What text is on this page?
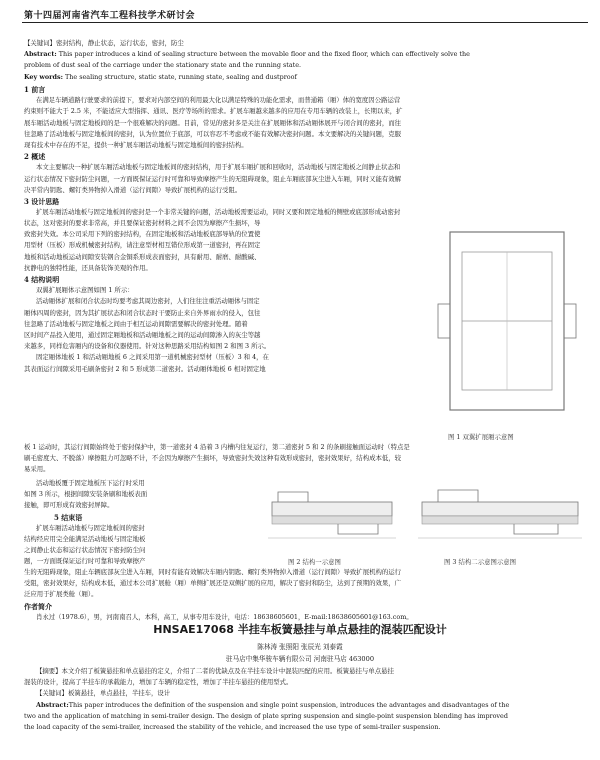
第十四届河南省汽车工程科技学术研讨会
【关键词】密封结构，静止状态，运行状态，密封，防尘
Abstract: This paper introduces a kind of sealing structure between the movable floor and the fixed floor, which can effectively solve the
problem of dust seal of the carriage under the stationary state and the running state.
Key words: The sealing structure, static state, running state, sealing and dustproof
1 前言
在满足车辆道路行驶要求的前提下，要求对内部空间的利用最大化以满足特殊的功能化需求，而普通箱（厢）体的宽度因公路运营
约束则不能大于 2.5 米，不能适应大型指挥、通讯、医疗等场所的需求。扩展车厢越来越多的应用在专用车辆的改装上，长期以来，扩
展车厢活动地板与固定地板间的是一个很难解决的问题。目前，常见的密封多是关注在扩展厢体和活动厢体展开与闭合间的密封，而往
往忽略了活动地板与固定地板间的密封，认为位置位于底部，可以容忍不考虑或不能有效解决密封问题。本文要解决的关键问题，克服
现有技术中存在的不足，提供一种扩展车厢活动地板与固定地板间的密封结构。
2 概述
本文主要解决一种扩展车厢活动地板与固定地板间的密封结构，用于扩展车厢扩展和回收时，活动地板与固定地板之间静止状态和
运行状态情况下密封防尘问题，一方面既保证运行时可靠和导致摩擦产生的无阻碍现象，阻止车厢底部灰尘进入车厢，同时又能有效解
决平常内钥匙、螺钉类异物掉入滑道（运行间隙）导致扩展机构的运行受阻。
3 设计思路
扩展车厢活动地板与固定地板间的密封是一个非常关键的问题，活动地板需要运动，同时又要和固定地板的侧壁或底部形成动密封
状态，这对密封的要求非常高，并且要保证密封材料之间不会因为摩擦产生损坏，导
致密封失效。本公司采用下列的密封结构，在固定地板和活动地板底部导轨的位置使
用型材（压板）形成机械密封结构，请注意型材相互错位形成第一道密封，再在固定
地板和活动地板运动间隙安装钢合金铜系形成表面密封，具有耐用、耐磨、耐酸碱、
抗静电的独特性能，还具备装饰美观的作用。
4 结构说明
双翼扩展厢体示意图如图 1 所示：
活动厢体扩展和闭合状态时均要考虑其周边密封，人们往往注重活动厢体与固定
厢体四周的密封，因为其扩展状态和闭合状态时干要防止来自外界雨水的侵入，包往
往忽略了活动地板与固定地板之间由于相互运动间隙需要解决的密封处理。随着
区时间产品投入使用，通过固定厢地板和活动厢地板之间的运动间隙渗入的灰尘等越
来越多，同样危害厢内的设备和仪器使用。针对这种思路采用结构如图 2 和图 3 所示。
固定厢体地板 1 和活动厢地板 6 之间采用第一道机械密封型材（压板）3 和 4，在
其表面运行间隙采用毛刷条密封 2 和 5 形成第二道密封。活动厢体地板 6 相对固定地
图 1 双翼扩展厢示意图
板 1 运动时，其运行间隙始终处于密封保护中，第一道密封 4 沿着 3 内槽内往复运行，第二道密封 5 和 2 的条刷接触面运动时（特点是
刷毛密度大、不脱落）摩擦阻力可忽略不计，不会因为摩擦产生损坏，导致密封失效这种有效形成密封，密封效果好，结构成本低，较
易采用。
活动地板覆于固定地板压下运行时采用
如图 3 所示，根据间隙安装条刷和地板表面
接触，即可形成有效密封屏障。
5 结束语
扩展车厢活动地板与固定地板间的密封
结构经应用完全能满足活动地板与固定地板
之间静止状态和运行状态情况下密封防尘问
题，一方面既保证运行时可靠和导致摩擦产	图 2 结构一示意图	图 3 结构二示意图示意图
生的无阻碍现象，阻止车辆底部灰尘进入车厢，同时有能有效解决车厢内钥匙、螺钉类异物掉入滑道（运行间隙）导致扩展机构的运行
受阻，密封效果好，结构成本低，通过本公司扩展舱（厢）单侧扩展还是双侧扩展的应用，解决了密封和防尘，达到了预期的效果，广
泛应用于扩展类舱（厢）。
作者简介
肖永过（1978.6），男，河南南召人，本科，高工，从事专用车设计，电话：18638605601，E-mail:18638605601@163.com。
HNSAE17068 半挂车板簧悬挂与单点悬挂的混装匹配设计
陈林涛 张照阳 张辰光 刘泰霞
驻马店中集华骏车辆有限公司 河南驻马店 463000
【摘要】本文介绍了板簧悬挂和单点悬挂的定义，介绍了二者的优缺点及在半挂车设计中混装匹配的应用。板簧悬挂与单点悬挂
混装的设计，提高了半挂车的承载能力，增加了车辆的稳定性，增加了半挂车悬挂的使用型式。
【关键词】板簧悬挂，单点悬挂，半挂车，设计
Abstract:This paper introduces the definition of the suspension and single point suspension, introduces the advantages and disadvantages of the
two and the application of matching in semi-trailer design. The design of plate spring suspension and single-point suspension blending has improved
the load capacity of the semi-trailer, increased the stability of the vehicle, and increased the use type of semi-trailer suspension.
